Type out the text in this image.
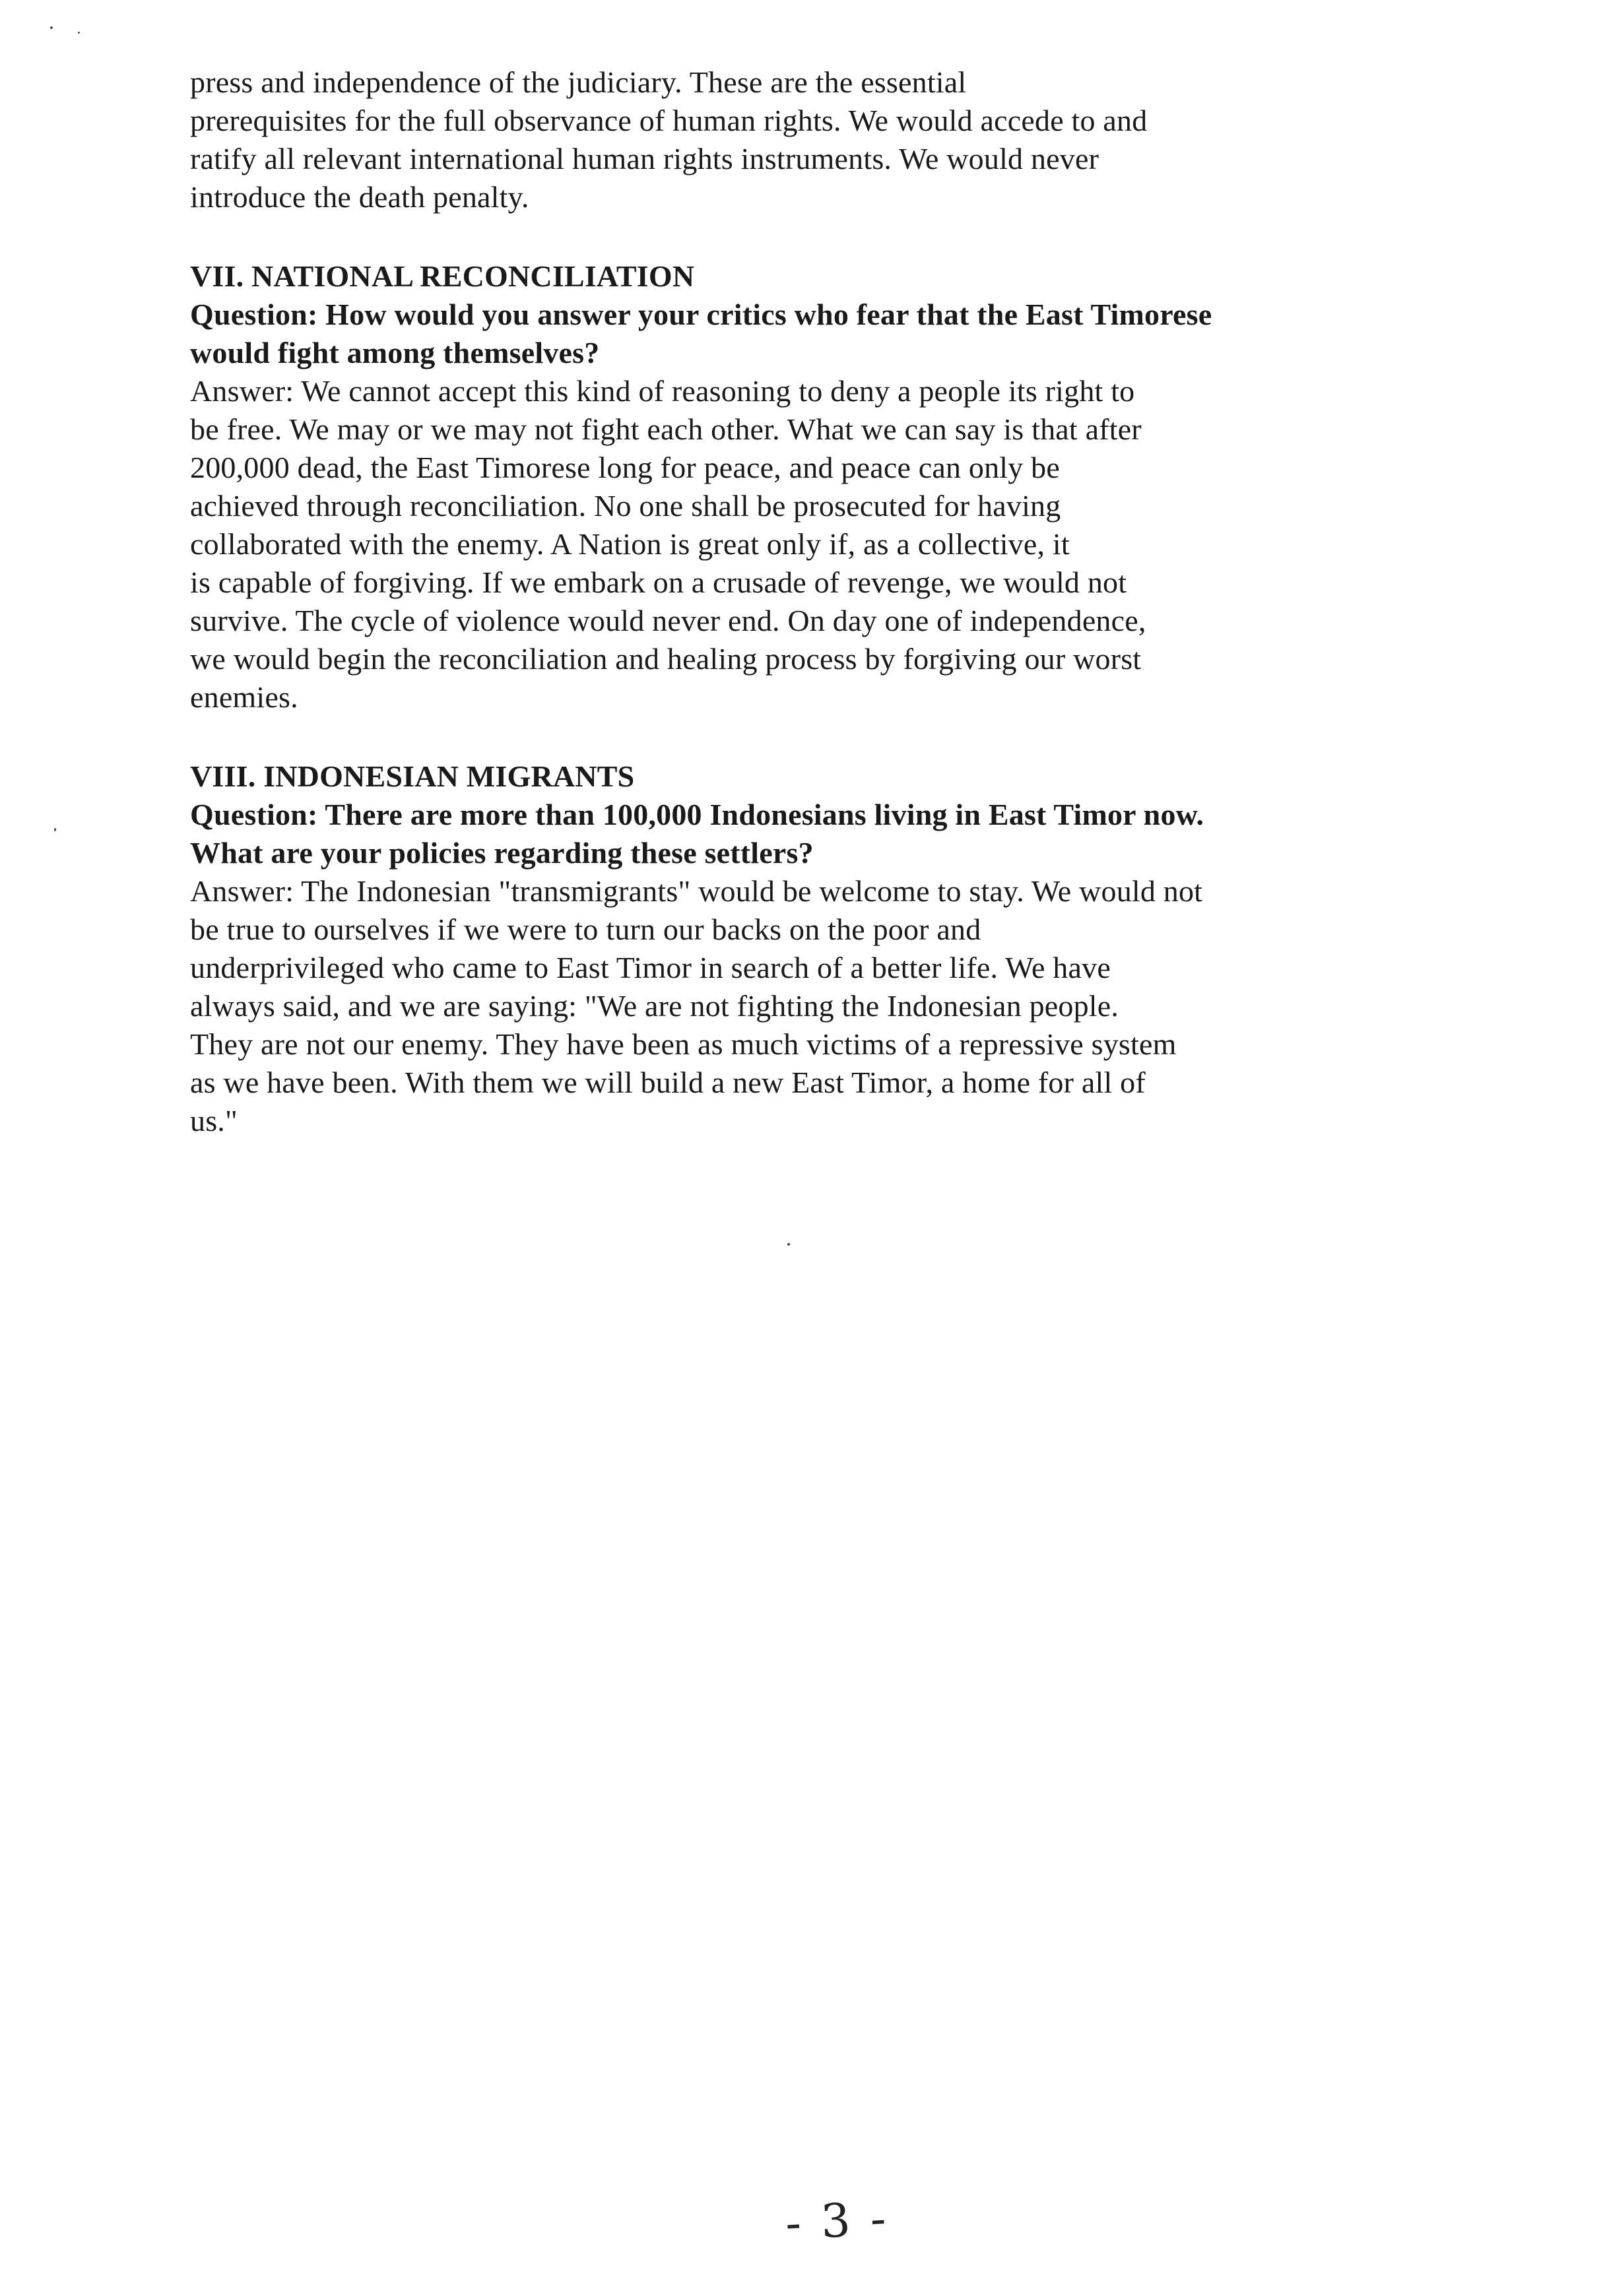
press and independence of the judiciary. These are the essential
prerequisites for the full observance of human rights. We would accede to and
ratify all relevant international human rights instruments. We would never
introduce the death penalty.
VII. NATIONAL RECONCILIATION
Question: How would you answer your critics who fear that the East Timorese
would fight among themselves?
Answer: We cannot accept this kind of reasoning to deny a people its right to
be free. We may or we may not fight each other. What we can say is that after
200,000 dead, the East Timorese long for peace, and peace can only be
achieved through reconciliation. No one shall be prosecuted for having
collaborated with the enemy. A Nation is great only if, as a collective, it
is capable of forgiving. If we embark on a crusade of revenge, we would not
survive. The cycle of violence would never end. On day one of independence,
we would begin the reconciliation and healing process by forgiving our worst
enemies.
VIII. INDONESIAN MIGRANTS
Question: There are more than 100,000 Indonesians living in East Timor now.
What are your policies regarding these settlers?
Answer: The Indonesian "transmigrants" would be welcome to stay. We would not
be true to ourselves if we were to turn our backs on the poor and
underprivileged who came to East Timor in search of a better life. We have
always said, and we are saying: "We are not fighting the Indonesian people.
They are not our enemy. They have been as much victims of a repressive system
as we have been. With them we will build a new East Timor, a home for all of
us."
- 3 -
